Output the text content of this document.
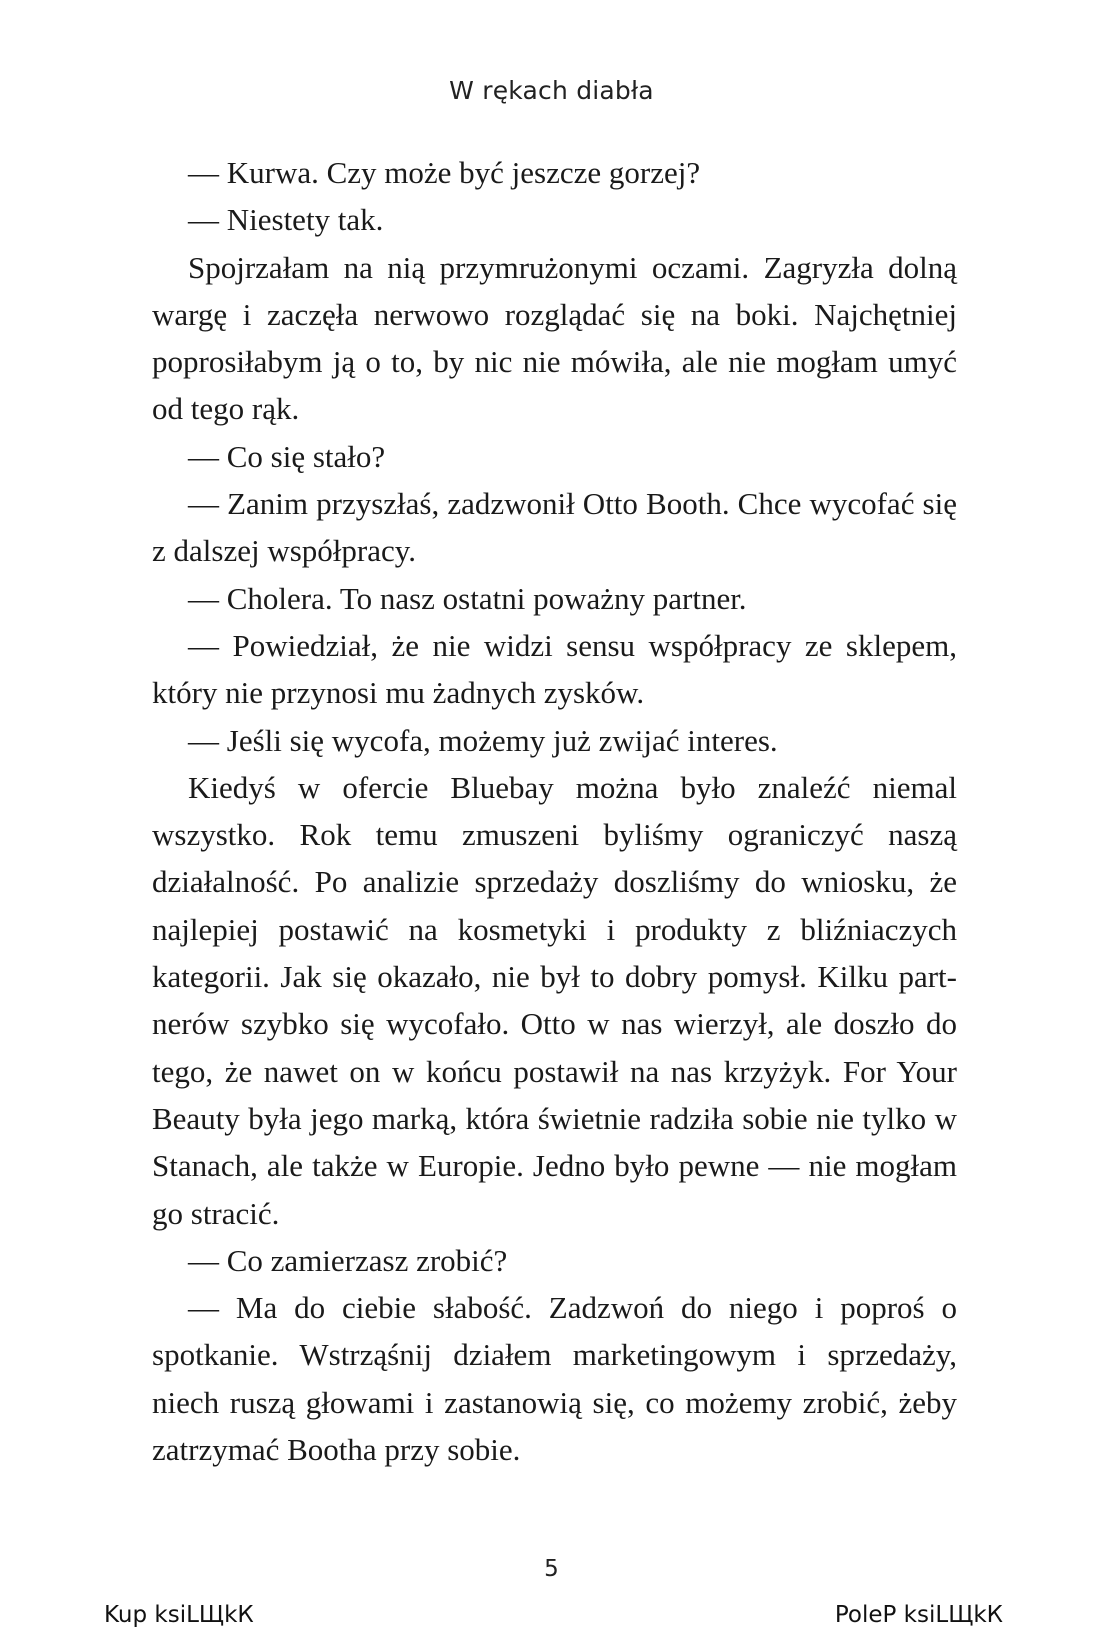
W rękach diabła

— Kurwa. Czy może być jeszcze gorzej?

— Niestety tak.

Spojrzałam na nią przymrużonymi oczami. Zagryzła dolną wargę i zaczęła nerwowo rozglądać się na boki. Najchętniej poprosiłabym ją o to, by nic nie mówiła, ale nie mogłam umyć od tego rąk.

— Co się stało?

— Zanim przyszłaś, zadzwonił Otto Booth. Chce wycofać się z dalszej współpracy.

— Cholera. To nasz ostatni poważny partner.

— Powiedział, że nie widzi sensu współpracy ze sklepem, który nie przynosi mu żadnych zysków.

— Jeśli się wycofa, możemy już zwijać interes.

Kiedyś w ofercie Bluebay można było znaleźć niemal wszystko. Rok temu zmuszeni byliśmy ograniczyć naszą działalność. Po analizie sprzedaży doszliśmy do wniosku, że najlepiej postawić na kosmetyki i produkty z bliźniaczych kategorii. Jak się okazało, nie był to dobry pomysł. Kilku partnerów szybko się wycofało. Otto w nas wierzył, ale doszło do tego, że nawet on w końcu postawił na nas krzyżyk. For Your Beauty była jego marką, która świetnie radziła sobie nie tylko w Stanach, ale także w Europie. Jedno było pewne — nie mogłam go stracić.

— Co zamierzasz zrobić?

— Ma do ciebie słabość. Zadzwoń do niego i poproś o spotkanie. Wstrząśnij działem marketingowym i sprzedaży, niech ruszą głowami i zastanowią się, co możemy zrobić, żeby zatrzymać Bootha przy sobie.

5
Kup ksiLЩkК	PoleР ksiLЩkК
